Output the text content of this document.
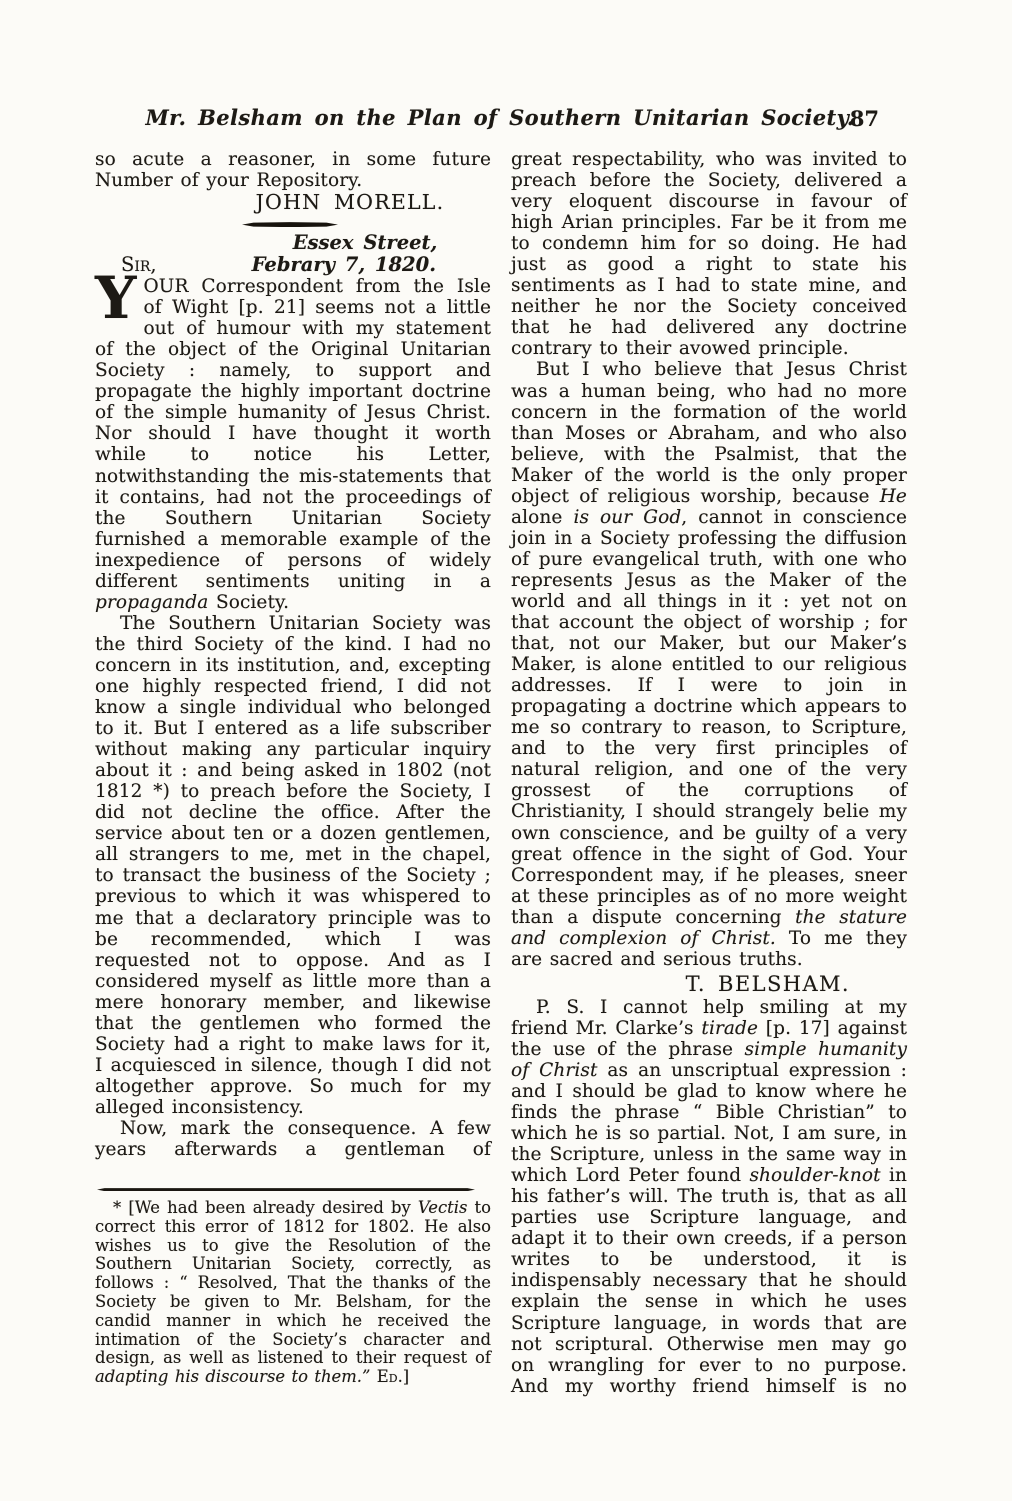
Mr. Belsham on the Plan of Southern Unitarian Society.
87

so acute a reasoner, in some future Number of your Repository.

JOHN MORELL.
Essex Street,
Sir,	Febrary 7, 1820.

YOUR Correspondent from the Isle of Wight [p. 21] seems not a little out of humour with my statement of the object of the Original Unitarian Society : namely, to support and propagate the highly important doctrine of the simple humanity of Jesus Christ. Nor should I have thought it worth while to notice his Letter, notwithstanding the mis-statements that it contains, had not the proceedings of the Southern Unitarian Society furnished a memorable example of the inexpedience of persons of widely different sentiments uniting in a propaganda Society.

The Southern Unitarian Society was the third Society of the kind. I had no concern in its institution, and, excepting one highly respected friend, I did not know a single individual who belonged to it. But I entered as a life subscriber without making any particular inquiry about it : and being asked in 1802 (not 1812 *) to preach before the Society, I did not decline the office. After the service about ten or a dozen gentlemen, all strangers to me, met in the chapel, to transact the business of the Society ; previous to which it was whispered to me that a declaratory principle was to be recommended, which I was requested not to oppose. And as I considered myself as little more than a mere honorary member, and likewise that the gentlemen who formed the Society had a right to make laws for it, I acquiesced in silence, though I did not altogether approve. So much for my alleged inconsistency.

Now, mark the consequence. A few years afterwards a gentleman of

* [We had been already desired by Vectis to correct this error of 1812 for 1802. He also wishes us to give the Resolution of the Southern Unitarian Society, correctly, as follows : “ Resolved, That the thanks of the Society be given to Mr. Belsham, for the candid manner in which he received the intimation of the Society’s character and design, as well as listened to their request of adapting his discourse to them.” Ed.]

great respectability, who was invited to preach before the Society, delivered a very eloquent discourse in favour of high Arian principles. Far be it from me to condemn him for so doing. He had just as good a right to state his sentiments as I had to state mine, and neither he nor the Society conceived that he had delivered any doctrine contrary to their avowed principle.

But I who believe that Jesus Christ was a human being, who had no more concern in the formation of the world than Moses or Abraham, and who also believe, with the Psalmist, that the Maker of the world is the only proper object of religious worship, because He alone is our God, cannot in conscience join in a Society professing the diffusion of pure evangelical truth, with one who represents Jesus as the Maker of the world and all things in it : yet not on that account the object of worship ; for that, not our Maker, but our Maker’s Maker, is alone entitled to our religious addresses. If I were to join in propagating a doctrine which appears to me so contrary to reason, to Scripture, and to the very first principles of natural religion, and one of the very grossest of the corruptions of Christianity, I should strangely belie my own conscience, and be guilty of a very great offence in the sight of God. Your Correspondent may, if he pleases, sneer at these principles as of no more weight than a dispute concerning the stature and complexion of Christ. To me they are sacred and serious truths.

T. BELSHAM.

P. S. I cannot help smiling at my friend Mr. Clarke’s tirade [p. 17] against the use of the phrase simple humanity of Christ as an unscriptual expression : and I should be glad to know where he finds the phrase “ Bible Christian” to which he is so partial. Not, I am sure, in the Scripture, unless in the same way in which Lord Peter found shoulder-knot in his father’s will. The truth is, that as all parties use Scripture language, and adapt it to their own creeds, if a person writes to be understood, it is indispensably necessary that he should explain the sense in which he uses Scripture language, in words that are not scriptural. Otherwise men may go on wrangling for ever to no purpose. And my worthy friend himself is no
